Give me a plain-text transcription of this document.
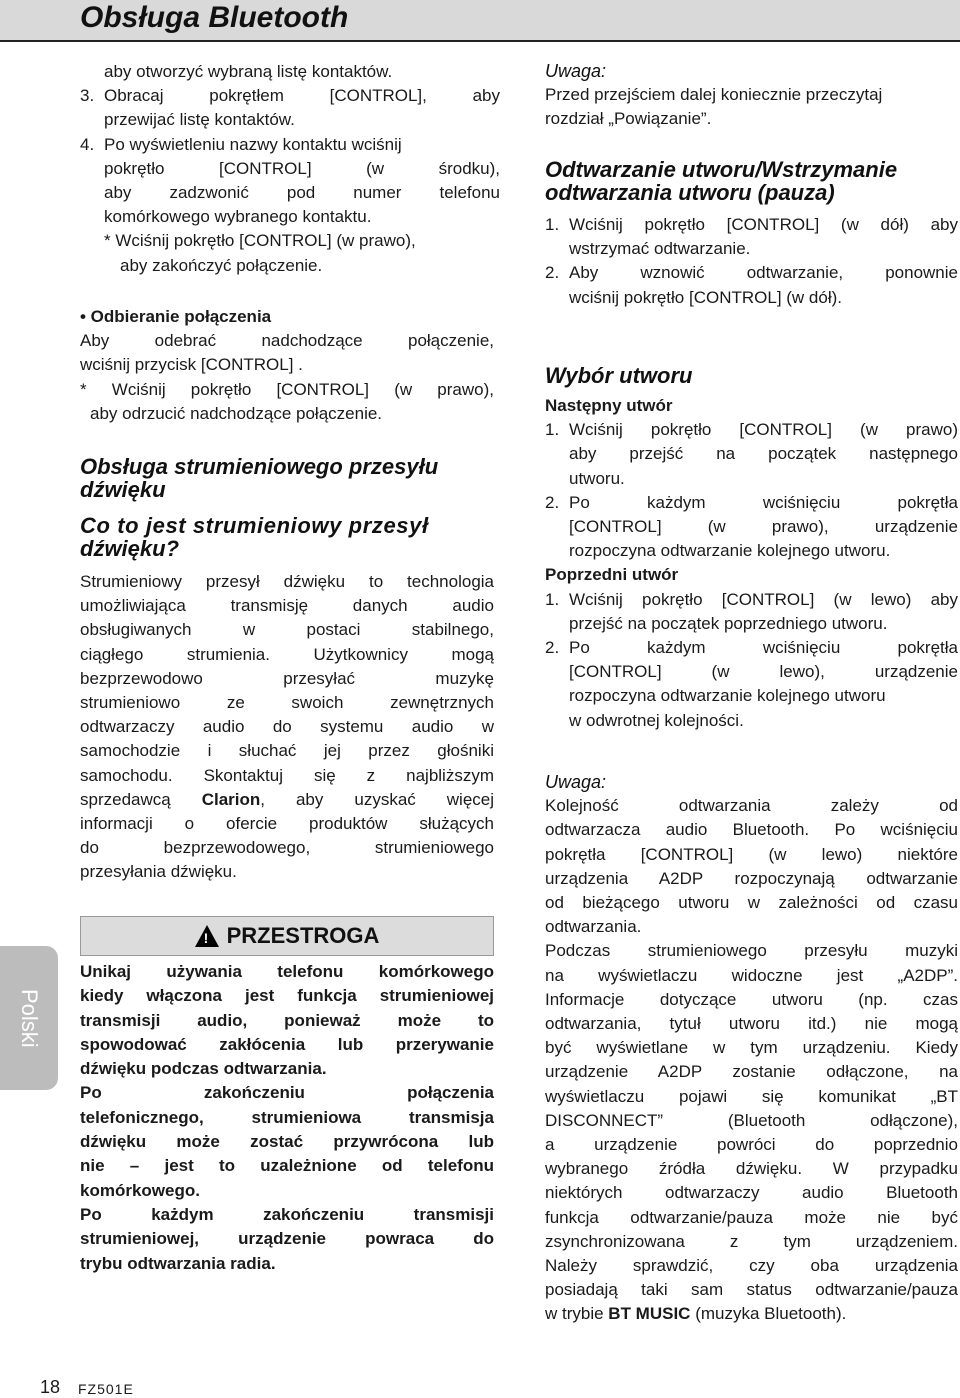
Obsługa Bluetooth
aby otworzyć wybraną listę kontaktów.
3. Obracaj pokrętłem [CONTROL], aby
przewijać listę kontaktów.
4. Po wyświetleniu nazwy kontaktu wciśnij
pokrętło [CONTROL] (w środku),
aby zadzwonić pod numer telefonu
komórkowego wybranego kontaktu.
* Wciśnij pokrętło [CONTROL] (w prawo),
aby zakończyć połączenie.
• Odbieranie połączenia
Aby odebrać nadchodzące połączenie,
wciśnij przycisk [CONTROL] .
* Wciśnij pokrętło [CONTROL] (w prawo),
aby odrzucić nadchodzące połączenie.
Obsługa strumieniowego przesyłu
dźwięku
Co to jest strumieniowy przesył
dźwięku?
Strumieniowy przesył dźwięku to technologia
umożliwiająca transmisję danych audio
obsługiwanych w postaci stabilnego,
ciągłego strumienia. Użytkownicy mogą
bezprzewodowo przesyłać muzykę
strumieniowo ze swoich zewnętrznych
odtwarzaczy audio do systemu audio w
samochodzie i słuchać jej przez głośniki
samochodu. Skontaktuj się z najbliższym
sprzedawcą Clarion, aby uzyskać więcej
informacji o ofercie produktów służących
do bezprzewodowego, strumieniowego
przesyłania dźwięku.
! PRZESTROGA
Unikaj używania telefonu komórkowego
kiedy włączona jest funkcja strumieniowej
transmisji audio, ponieważ może to
spowodować zakłócenia lub przerywanie
dźwięku podczas odtwarzania.
Po zakończeniu połączenia
telefonicznego, strumieniowa transmisja
dźwięku może zostać przywrócona lub
nie – jest to uzależnione od telefonu
komórkowego.
Po każdym zakończeniu transmisji
strumieniowej, urządzenie powraca do
trybu odtwarzania radia.
Uwaga:
Przed przejściem dalej koniecznie przeczytaj
rozdział „Powiązanie”.
Odtwarzanie utworu/Wstrzymanie
odtwarzania utworu (pauza)
1. Wciśnij pokrętło [CONTROL] (w dół) aby
wstrzymać odtwarzanie.
2. Aby wznowić odtwarzanie, ponownie
wciśnij pokrętło [CONTROL] (w dół).
Wybór utworu
Następny utwór
1. Wciśnij pokrętło [CONTROL] (w prawo)
aby przejść na początek następnego
utworu.
2. Po każdym wciśnięciu pokrętła
[CONTROL] (w prawo), urządzenie
rozpoczyna odtwarzanie kolejnego utworu.
Poprzedni utwór
1. Wciśnij pokrętło [CONTROL] (w lewo) aby
przejść na początek poprzedniego utworu.
2. Po każdym wciśnięciu pokrętła
[CONTROL] (w lewo), urządzenie
rozpoczyna odtwarzanie kolejnego utworu
w odwrotnej kolejności.
Uwaga:
Kolejność odtwarzania zależy od
odtwarzacza audio Bluetooth. Po wciśnięciu
pokrętła [CONTROL] (w lewo) niektóre
urządzenia A2DP rozpoczynają odtwarzanie
od bieżącego utworu w zależności od czasu
odtwarzania.
Podczas strumieniowego przesyłu muzyki
na wyświetlaczu widoczne jest „A2DP”.
Informacje dotyczące utworu (np. czas
odtwarzania, tytuł utworu itd.) nie mogą
być wyświetlane w tym urządzeniu. Kiedy
urządzenie A2DP zostanie odłączone, na
wyświetlaczu pojawi się komunikat „BT
DISCONNECT” (Bluetooth odłączone),
a urządzenie powróci do poprzednio
wybranego źródła dźwięku. W przypadku
niektórych odtwarzaczy audio Bluetooth
funkcja odtwarzanie/pauza może nie być
zsynchronizowana z tym urządzeniem.
Należy sprawdzić, czy oba urządzenia
posiadają taki sam status odtwarzanie/pauza
w trybie BT MUSIC (muzyka Bluetooth).
Polski
18 FZ501E
